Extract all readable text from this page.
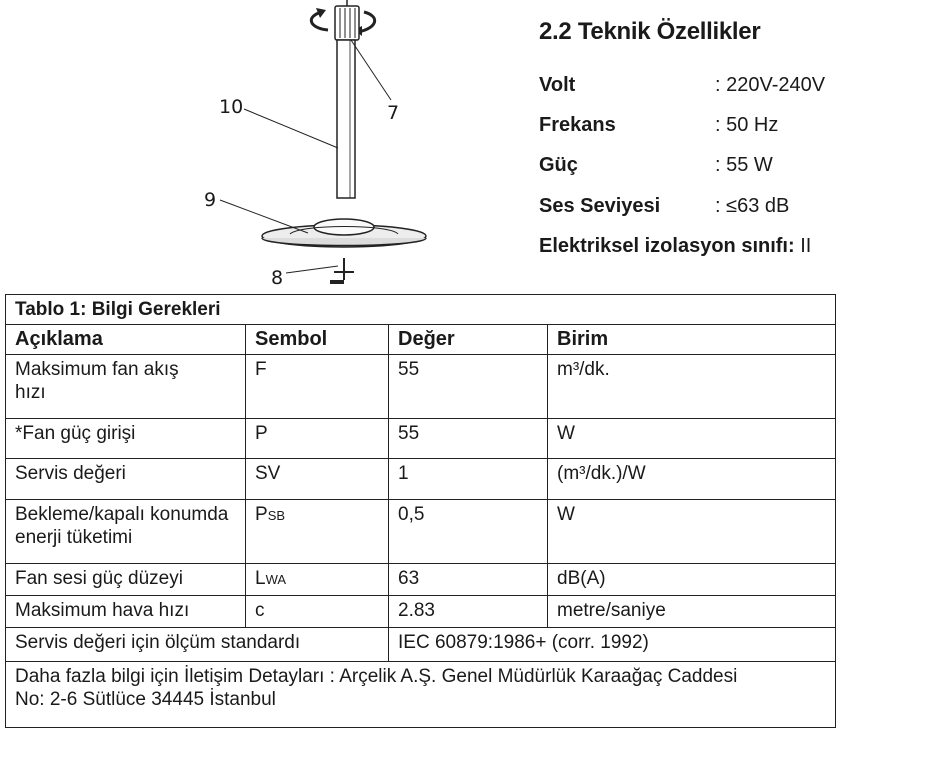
10	7
9
8
2.2 Teknik Özellikler
Volt	: 220V-240V
Frekans	: 50 Hz
Güç	: 55 W
Ses Seviyesi	: ≤63 dB
Elektriksel izolasyon sınıfı: II
Tablo 1: Bilgi Gerekleri			
Açıklama	Sembol	Değer	Birim
Maksimum fan akış hızı	F	55	m³/dk.
*Fan güç girişi	P	55	W
Servis değeri	SV	1	(m³/dk.)/W
Bekleme/kapalı konumda enerji tüketimi	PSB	0,5	W
Fan sesi güç düzeyi	LWA	63	dB(A)
Maksimum hava hızı	c	2.83	metre/saniye
Servis değeri için ölçüm standardı		IEC 60879:1986+ (corr. 1992)	

Daha fazla bilgi için İletişim Detayları : Arçelik A.Ş. Genel Müdürlük Karaağaç Caddesi
No: 2-6 Sütlüce 34445 İstanbul			
